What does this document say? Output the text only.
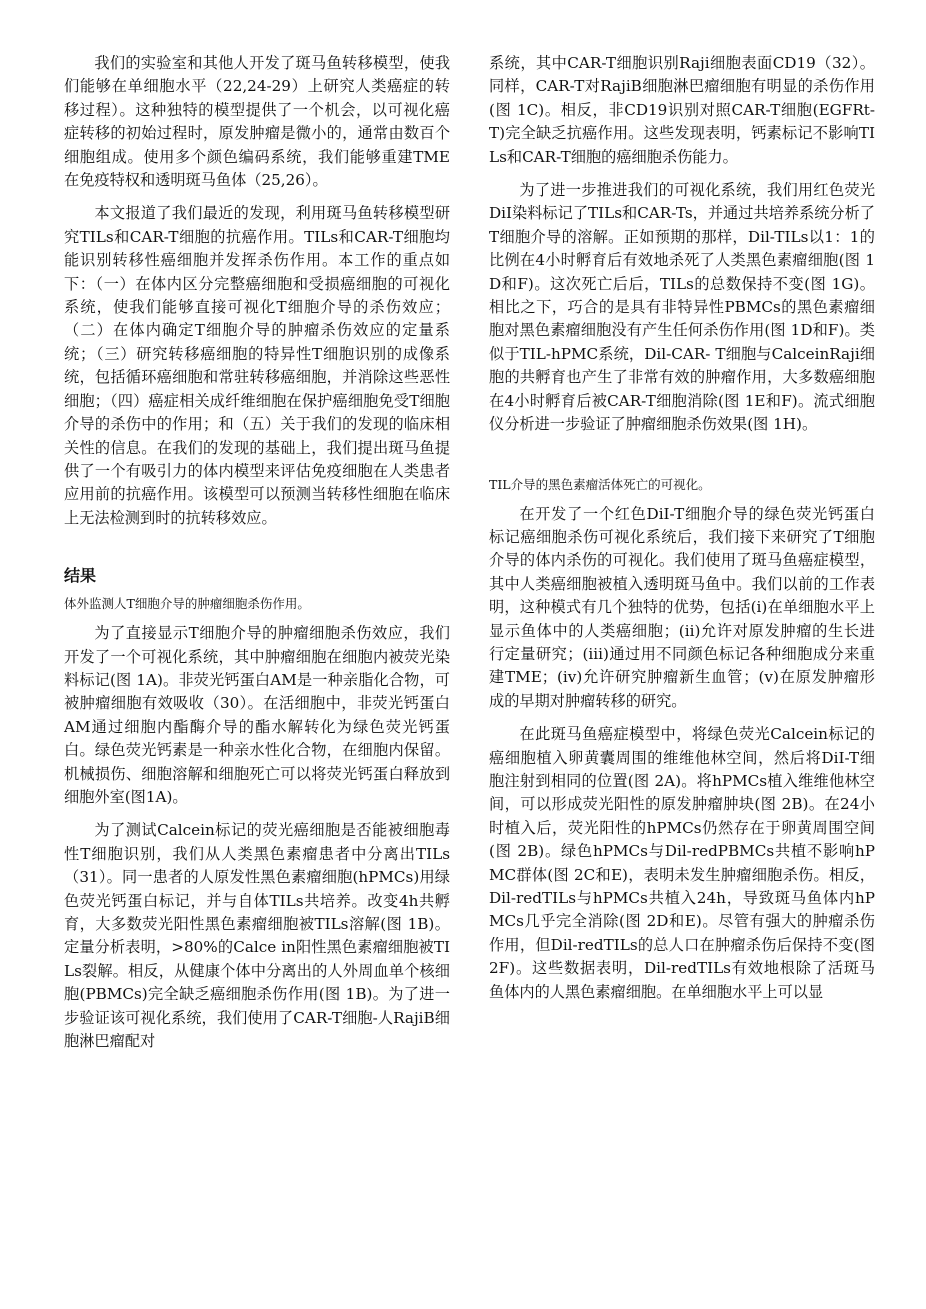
我们的实验室和其他人开发了斑马鱼转移模型，使我们能够在单细胞水平（22,24-29）上研究人类癌症的转移过程）。这种独特的模型提供了一个机会，以可视化癌症转移的初始过程时，原发肿瘤是微小的，通常由数百个细胞组成。使用多个颜色编码系统，我们能够重建TME在免疫特权和透明斑马鱼体（25,26）。

本文报道了我们最近的发现，利用斑马鱼转移模型研究TILs和CAR-T细胞的抗癌作用。TILs和CAR-T细胞均能识别转移性癌细胞并发挥杀伤作用。本工作的重点如下：（一）在体内区分完整癌细胞和受损癌细胞的可视化系统，使我们能够直接可视化T细胞介导的杀伤效应；（二）在体内确定T细胞介导的肿瘤杀伤效应的定量系统；（三）研究转移癌细胞的特异性T细胞识别的成像系统，包括循环癌细胞和常驻转移癌细胞，并消除这些恶性细胞；（四）癌症相关成纤维细胞在保护癌细胞免受T细胞介导的杀伤中的作用；和（五）关于我们的发现的临床相关性的信息。在我们的发现的基础上，我们提出斑马鱼提供了一个有吸引力的体内模型来评估免疫细胞在人类患者应用前的抗癌作用。该模型可以预测当转移性细胞在临床上无法检测到时的抗转移效应。

结果
体外监测人T细胞介导的肿瘤细胞杀伤作用。

为了直接显示T细胞介导的肿瘤细胞杀伤效应，我们开发了一个可视化系统，其中肿瘤细胞在细胞内被荧光染料标记(图 1A)。非荧光钙蛋白AM是一种亲脂化合物，可被肿瘤细胞有效吸收（30）。在活细胞中，非荧光钙蛋白AM通过细胞内酯酶介导的酯水解转化为绿色荧光钙蛋白。绿色荧光钙素是一种亲水性化合物，在细胞内保留。机械损伤、细胞溶解和细胞死亡可以将荧光钙蛋白释放到细胞外室(图1A)。

为了测试Calcein标记的荧光癌细胞是否能被细胞毒性T细胞识别，我们从人类黑色素瘤患者中分离出TILs（31）。同一患者的人原发性黑色素瘤细胞(hPMCs)用绿色荧光钙蛋白标记，并与自体TILs共培养。改变4h共孵育，大多数荧光阳性黑色素瘤细胞被TILs溶解(图 1B)。定量分析表明，>80%的Calce in阳性黑色素瘤细胞被TILs裂解。相反，从健康个体中分离出的人外周血单个核细胞(PBMCs)完全缺乏癌细胞杀伤作用(图 1B)。为了进一步验证该可视化系统，我们使用了CAR-T细胞-人RajiB细胞淋巴瘤配对

系统，其中CAR-T细胞识别Raji细胞表面CD19（32）。同样，CAR-T对RajiB细胞淋巴瘤细胞有明显的杀伤作用(图 1C)。相反，非CD19识别对照CAR-T细胞(EGFRt-T)完全缺乏抗癌作用。这些发现表明，钙素标记不影响TILs和CAR-T细胞的癌细胞杀伤能力。

为了进一步推进我们的可视化系统，我们用红色荧光DiI染料标记了TILs和CAR-Ts，并通过共培养系统分析了T细胞介导的溶解。正如预期的那样，Dil-TILs以1：1的比例在4小时孵育后有效地杀死了人类黑色素瘤细胞(图 1D和F)。这次死亡后后，TILs的总数保持不变(图 1G)。相比之下，巧合的是具有非特异性PBMCs的黑色素瘤细胞对黑色素瘤细胞没有产生任何杀伤作用(图 1D和F)。类似于TIL-hPMC系统，Dil-CAR- T细胞与CalceinRaji细胞的共孵育也产生了非常有效的肿瘤作用，大多数癌细胞在4小时孵育后被CAR-T细胞消除(图 1E和F)。流式细胞仪分析进一步验证了肿瘤细胞杀伤效果(图 1H)。

TIL介导的黑色素瘤活体死亡的可视化。

在开发了一个红色DiI-T细胞介导的绿色荧光钙蛋白标记癌细胞杀伤可视化系统后，我们接下来研究了T细胞介导的体内杀伤的可视化。我们使用了斑马鱼癌症模型，其中人类癌细胞被植入透明斑马鱼中。我们以前的工作表明，这种模式有几个独特的优势，包括(i)在单细胞水平上显示鱼体中的人类癌细胞；(ii)允许对原发肿瘤的生长进行定量研究；(iii)通过用不同颜色标记各种细胞成分来重建TME；(iv)允许研究肿瘤新生血管；(v)在原发肿瘤形成的早期对肿瘤转移的研究。

在此斑马鱼癌症模型中，将绿色荧光Calcein标记的癌细胞植入卵黄囊周围的维维他林空间，然后将DiI-T细胞注射到相同的位置(图 2A)。将hPMCs植入维维他林空间，可以形成荧光阳性的原发肿瘤肿块(图 2B)。在24小时植入后，荧光阳性的hPMCs仍然存在于卵黄周围空间(图 2B)。绿色hPMCs与Dil-redPBMCs共植不影响hPMC群体(图 2C和E)，表明未发生肿瘤细胞杀伤。相反，Dil-redTILs与hPMCs共植入24h，导致斑马鱼体内hPMCs几乎完全消除(图 2D和E)。尽管有强大的肿瘤杀伤作用，但Dil-redTILs的总人口在肿瘤杀伤后保持不变(图 2F)。这些数据表明，Dil-redTILs有效地根除了活斑马鱼体内的人黑色素瘤细胞。在单细胞水平上可以显
